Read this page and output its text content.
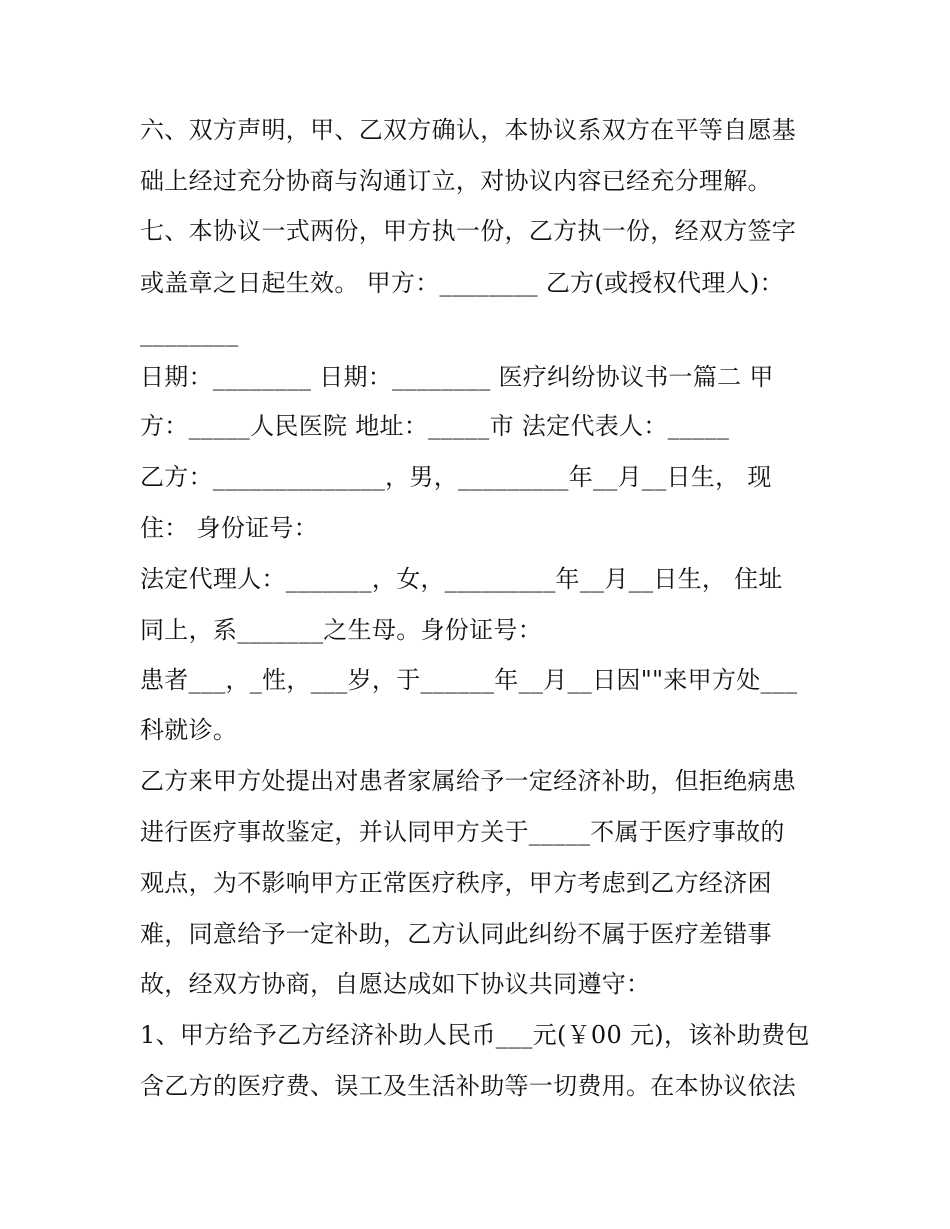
六、双方声明，甲、乙双方确认，本协议系双方在平等自愿基
础上经过充分协商与沟通订立，对协议内容已经充分理解。
七、本协议一式两份，甲方执一份，乙方执一份，经双方签字
或盖章之日起生效。 甲方：________ 乙方(或授权代理人)：
________
日期：________ 日期：________ 医疗纠纷协议书一篇二 甲
方：_____人民医院 地址：_____市 法定代表人：_____
乙方：______________，男，_________年__月__日生， 现
住： 身份证号：
法定代理人：_______，女，_________年__月__日生， 住址
同上，系_______之生母。身份证号：
患者___，_性，___岁，于______年__月__日因""来甲方处___
科就诊。
乙方来甲方处提出对患者家属给予一定经济补助，但拒绝病患
进行医疗事故鉴定，并认同甲方关于_____不属于医疗事故的
观点，为不影响甲方正常医疗秩序，甲方考虑到乙方经济困
难，同意给予一定补助，乙方认同此纠纷不属于医疗差错事
故，经双方协商，自愿达成如下协议共同遵守：
1、甲方给予乙方经济补助人民币___元(￥00 元)，该补助费包
含乙方的医疗费、误工及生活补助等一切费用。在本协议依法
